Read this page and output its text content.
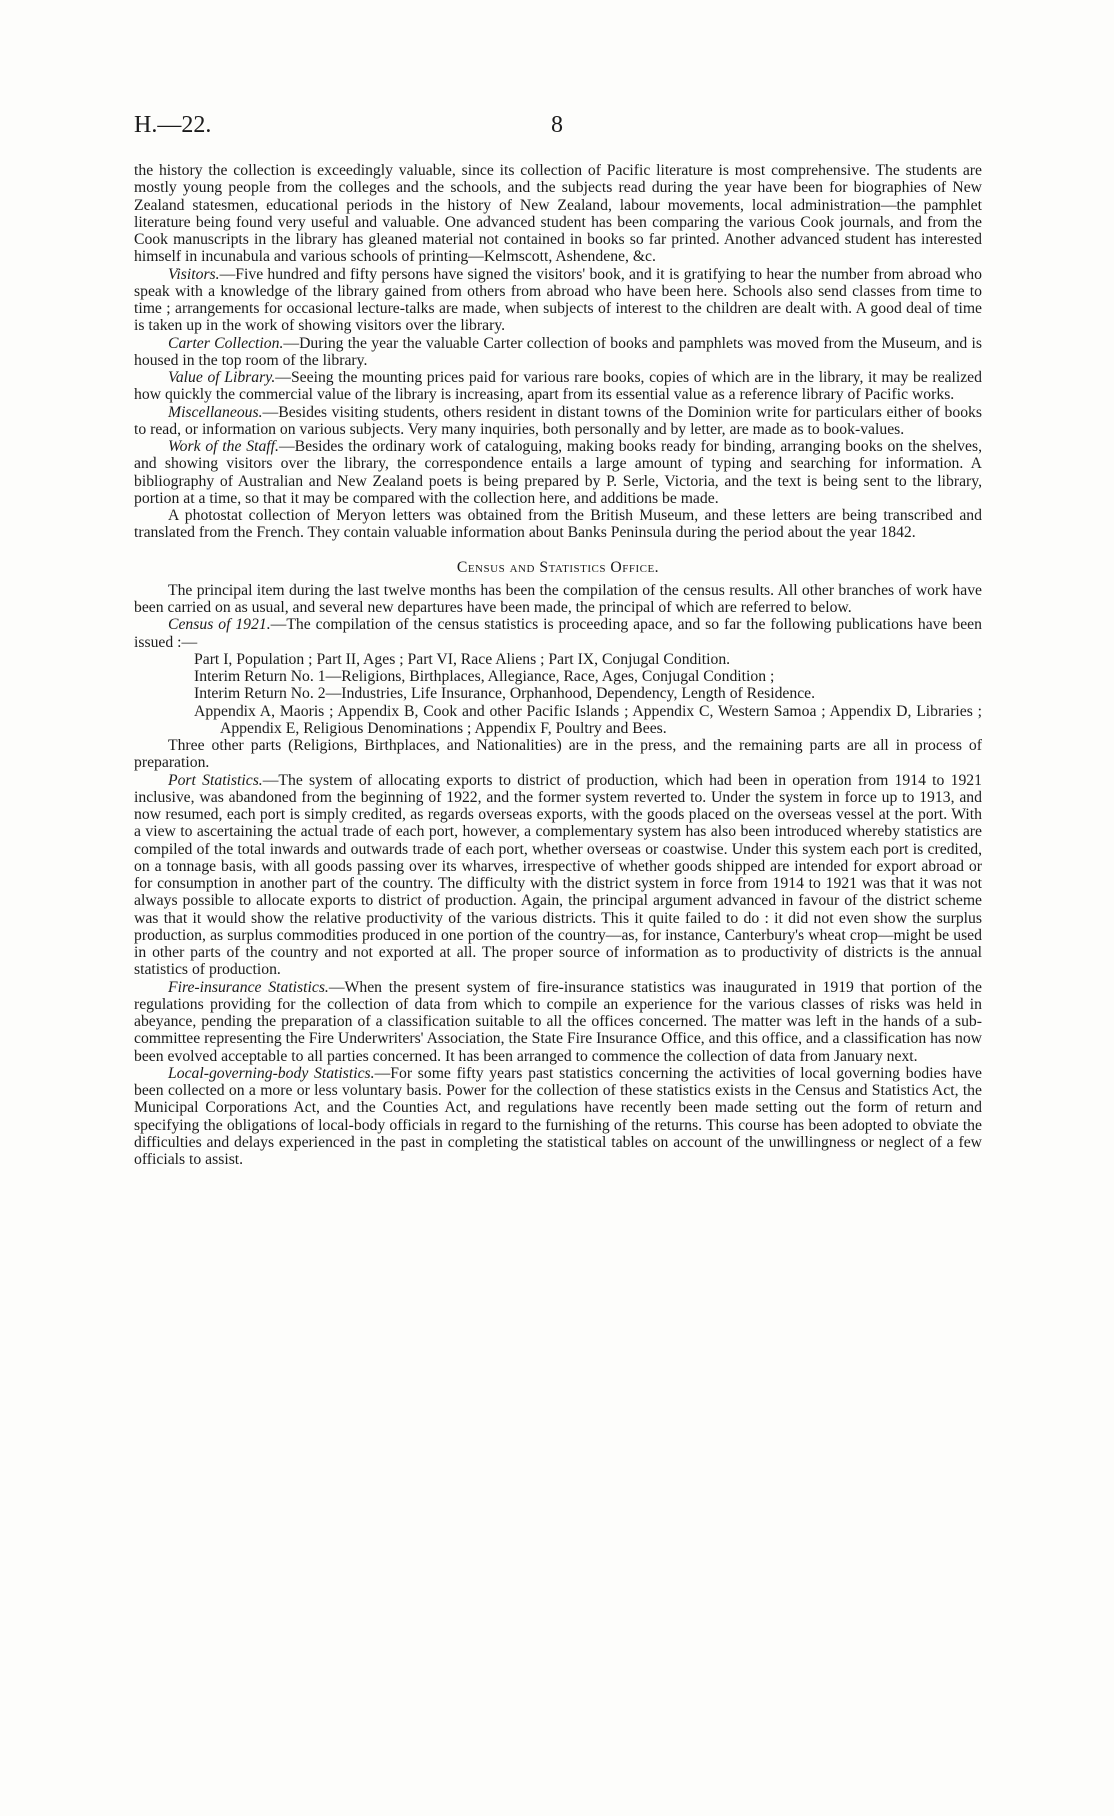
H.—22.	8

the history the collection is exceedingly valuable, since its collection of Pacific literature is most comprehensive. The students are mostly young people from the colleges and the schools, and the subjects read during the year have been for biographies of New Zealand statesmen, educational periods in the history of New Zealand, labour movements, local administration—the pamphlet literature being found very useful and valuable. One advanced student has been comparing the various Cook journals, and from the Cook manuscripts in the library has gleaned material not contained in books so far printed. Another advanced student has interested himself in incunabula and various schools of printing—Kelmscott, Ashendene, &c.

Visitors.—Five hundred and fifty persons have signed the visitors' book, and it is gratifying to hear the number from abroad who speak with a knowledge of the library gained from others from abroad who have been here. Schools also send classes from time to time ; arrangements for occasional lecture-talks are made, when subjects of interest to the children are dealt with. A good deal of time is taken up in the work of showing visitors over the library.

Carter Collection.—During the year the valuable Carter collection of books and pamphlets was moved from the Museum, and is housed in the top room of the library.

Value of Library.—Seeing the mounting prices paid for various rare books, copies of which are in the library, it may be realized how quickly the commercial value of the library is increasing, apart from its essential value as a reference library of Pacific works.

Miscellaneous.—Besides visiting students, others resident in distant towns of the Dominion write for particulars either of books to read, or information on various subjects. Very many inquiries, both personally and by letter, are made as to book-values.

Work of the Staff.—Besides the ordinary work of cataloguing, making books ready for binding, arranging books on the shelves, and showing visitors over the library, the correspondence entails a large amount of typing and searching for information. A bibliography of Australian and New Zealand poets is being prepared by P. Serle, Victoria, and the text is being sent to the library, portion at a time, so that it may be compared with the collection here, and additions be made.

A photostat collection of Meryon letters was obtained from the British Museum, and these letters are being transcribed and translated from the French. They contain valuable information about Banks Peninsula during the period about the year 1842.

Census and Statistics Office.

The principal item during the last twelve months has been the compilation of the census results. All other branches of work have been carried on as usual, and several new departures have been made, the principal of which are referred to below.

Census of 1921.—The compilation of the census statistics is proceeding apace, and so far the following publications have been issued :—

Part I, Population ; Part II, Ages ; Part VI, Race Aliens ; Part IX, Conjugal Condition.
Interim Return No. 1—Religions, Birthplaces, Allegiance, Race, Ages, Conjugal Condition ;
Interim Return No. 2—Industries, Life Insurance, Orphanhood, Dependency, Length of Residence.
Appendix A, Maoris ; Appendix B, Cook and other Pacific Islands ; Appendix C, Western Samoa ; Appendix D, Libraries ; Appendix E, Religious Denominations ; Appendix F, Poultry and Bees.

Three other parts (Religions, Birthplaces, and Nationalities) are in the press, and the remaining parts are all in process of preparation.

Port Statistics.—The system of allocating exports to district of production, which had been in operation from 1914 to 1921 inclusive, was abandoned from the beginning of 1922, and the former system reverted to. Under the system in force up to 1913, and now resumed, each port is simply credited, as regards overseas exports, with the goods placed on the overseas vessel at the port. With a view to ascertaining the actual trade of each port, however, a complementary system has also been introduced whereby statistics are compiled of the total inwards and outwards trade of each port, whether overseas or coastwise. Under this system each port is credited, on a tonnage basis, with all goods passing over its wharves, irrespective of whether goods shipped are intended for export abroad or for consumption in another part of the country. The difficulty with the district system in force from 1914 to 1921 was that it was not always possible to allocate exports to district of production. Again, the principal argument advanced in favour of the district scheme was that it would show the relative productivity of the various districts. This it quite failed to do : it did not even show the surplus production, as surplus commodities produced in one portion of the country—as, for instance, Canterbury's wheat crop—might be used in other parts of the country and not exported at all. The proper source of information as to productivity of districts is the annual statistics of production.

Fire-insurance Statistics.—When the present system of fire-insurance statistics was inaugurated in 1919 that portion of the regulations providing for the collection of data from which to compile an experience for the various classes of risks was held in abeyance, pending the preparation of a classification suitable to all the offices concerned. The matter was left in the hands of a sub-committee representing the Fire Underwriters' Association, the State Fire Insurance Office, and this office, and a classification has now been evolved acceptable to all parties concerned. It has been arranged to commence the collection of data from January next.

Local-governing-body Statistics.—For some fifty years past statistics concerning the activities of local governing bodies have been collected on a more or less voluntary basis. Power for the collection of these statistics exists in the Census and Statistics Act, the Municipal Corporations Act, and the Counties Act, and regulations have recently been made setting out the form of return and specifying the obligations of local-body officials in regard to the furnishing of the returns. This course has been adopted to obviate the difficulties and delays experienced in the past in completing the statistical tables on account of the unwillingness or neglect of a few officials to assist.
